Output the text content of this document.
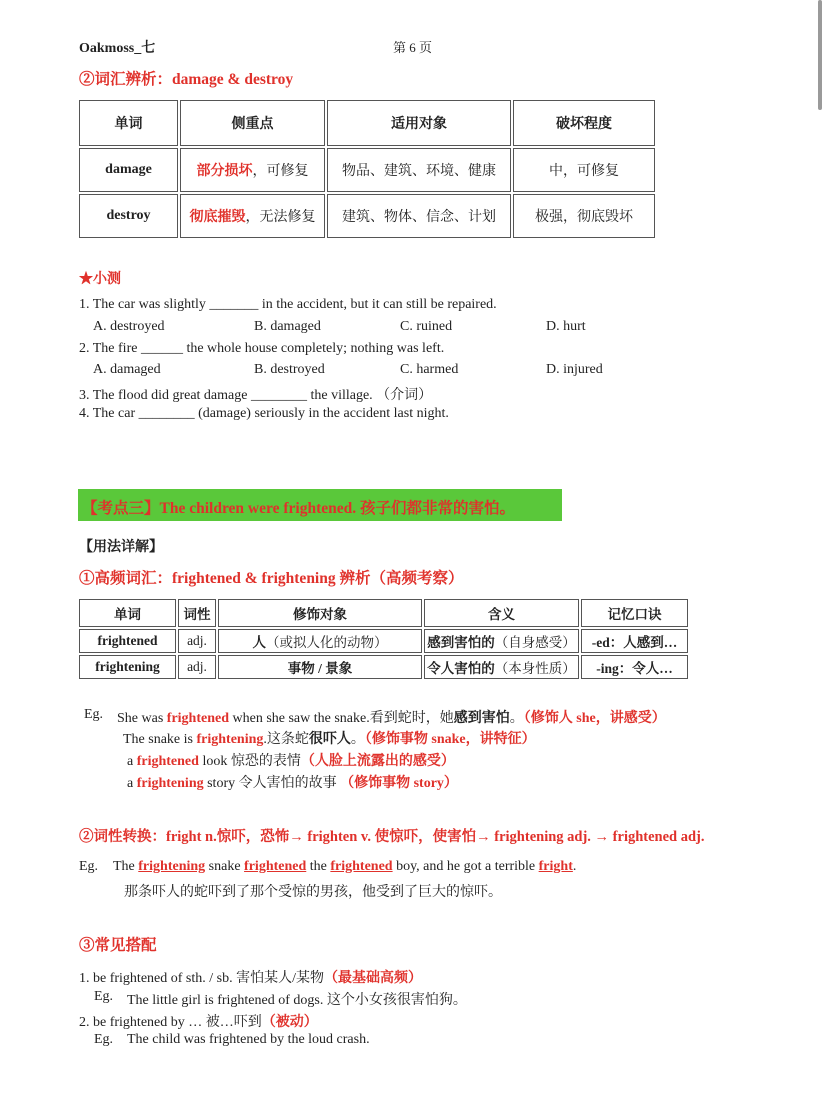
Oakmoss_七	第 6 页
②词汇辨析：damage & destroy
单词	侧重点	适用对象	破坏程度
damage	部分损坏，可修复	物品、建筑、环境、健康	中，可修复
destroy	彻底摧毁，无法修复	建筑、物体、信念、计划	极强，彻底毁坏
★小测
1. The car was slightly _______ in the accident, but it can still be repaired.
A. destroyed	B. damaged	C. ruined	D. hurt
2. The fire ______ the whole house completely; nothing was left.
A. damaged	B. destroyed	C. harmed	D. injured
3. The flood did great damage ________ the village. （介词）
4. The car ________ (damage) seriously in the accident last night.
【考点三】The children were frightened. 孩子们都非常的害怕。
【用法详解】
①高频词汇：frightened & frightening 辨析（高频考察）
单词	词性	修饰对象	含义	记忆口诀
frightened	adj.	人（或拟人化的动物）	感到害怕的（自身感受）	-ed：人感到…
frightening	adj.	事物 / 景象	令人害怕的（本身性质）	-ing：令人…
Eg. She was frightened when she saw the snake.看到蛇时，她感到害怕。（修饰人 she，讲感受）
The snake is frightening.这条蛇很吓人。（修饰事物 snake，讲特征）
a frightened look 惊恐的表情（人脸上流露出的感受）
a frightening story 令人害怕的故事 （修饰事物 story）
②词性转换：fright n.惊吓，恐怖→ frighten v. 使惊吓，使害怕→ frightening adj. → frightened adj.
Eg. The frightening snake frightened the frightened boy, and he got a terrible fright.
那条吓人的蛇吓到了那个受惊的男孩，他受到了巨大的惊吓。
③常见搭配
1. be frightened of sth. / sb. 害怕某人/某物（最基础高频）
Eg. The little girl is frightened of dogs. 这个小女孩很害怕狗。
2. be frightened by … 被…吓到（被动）
Eg. The child was frightened by the loud crash.
